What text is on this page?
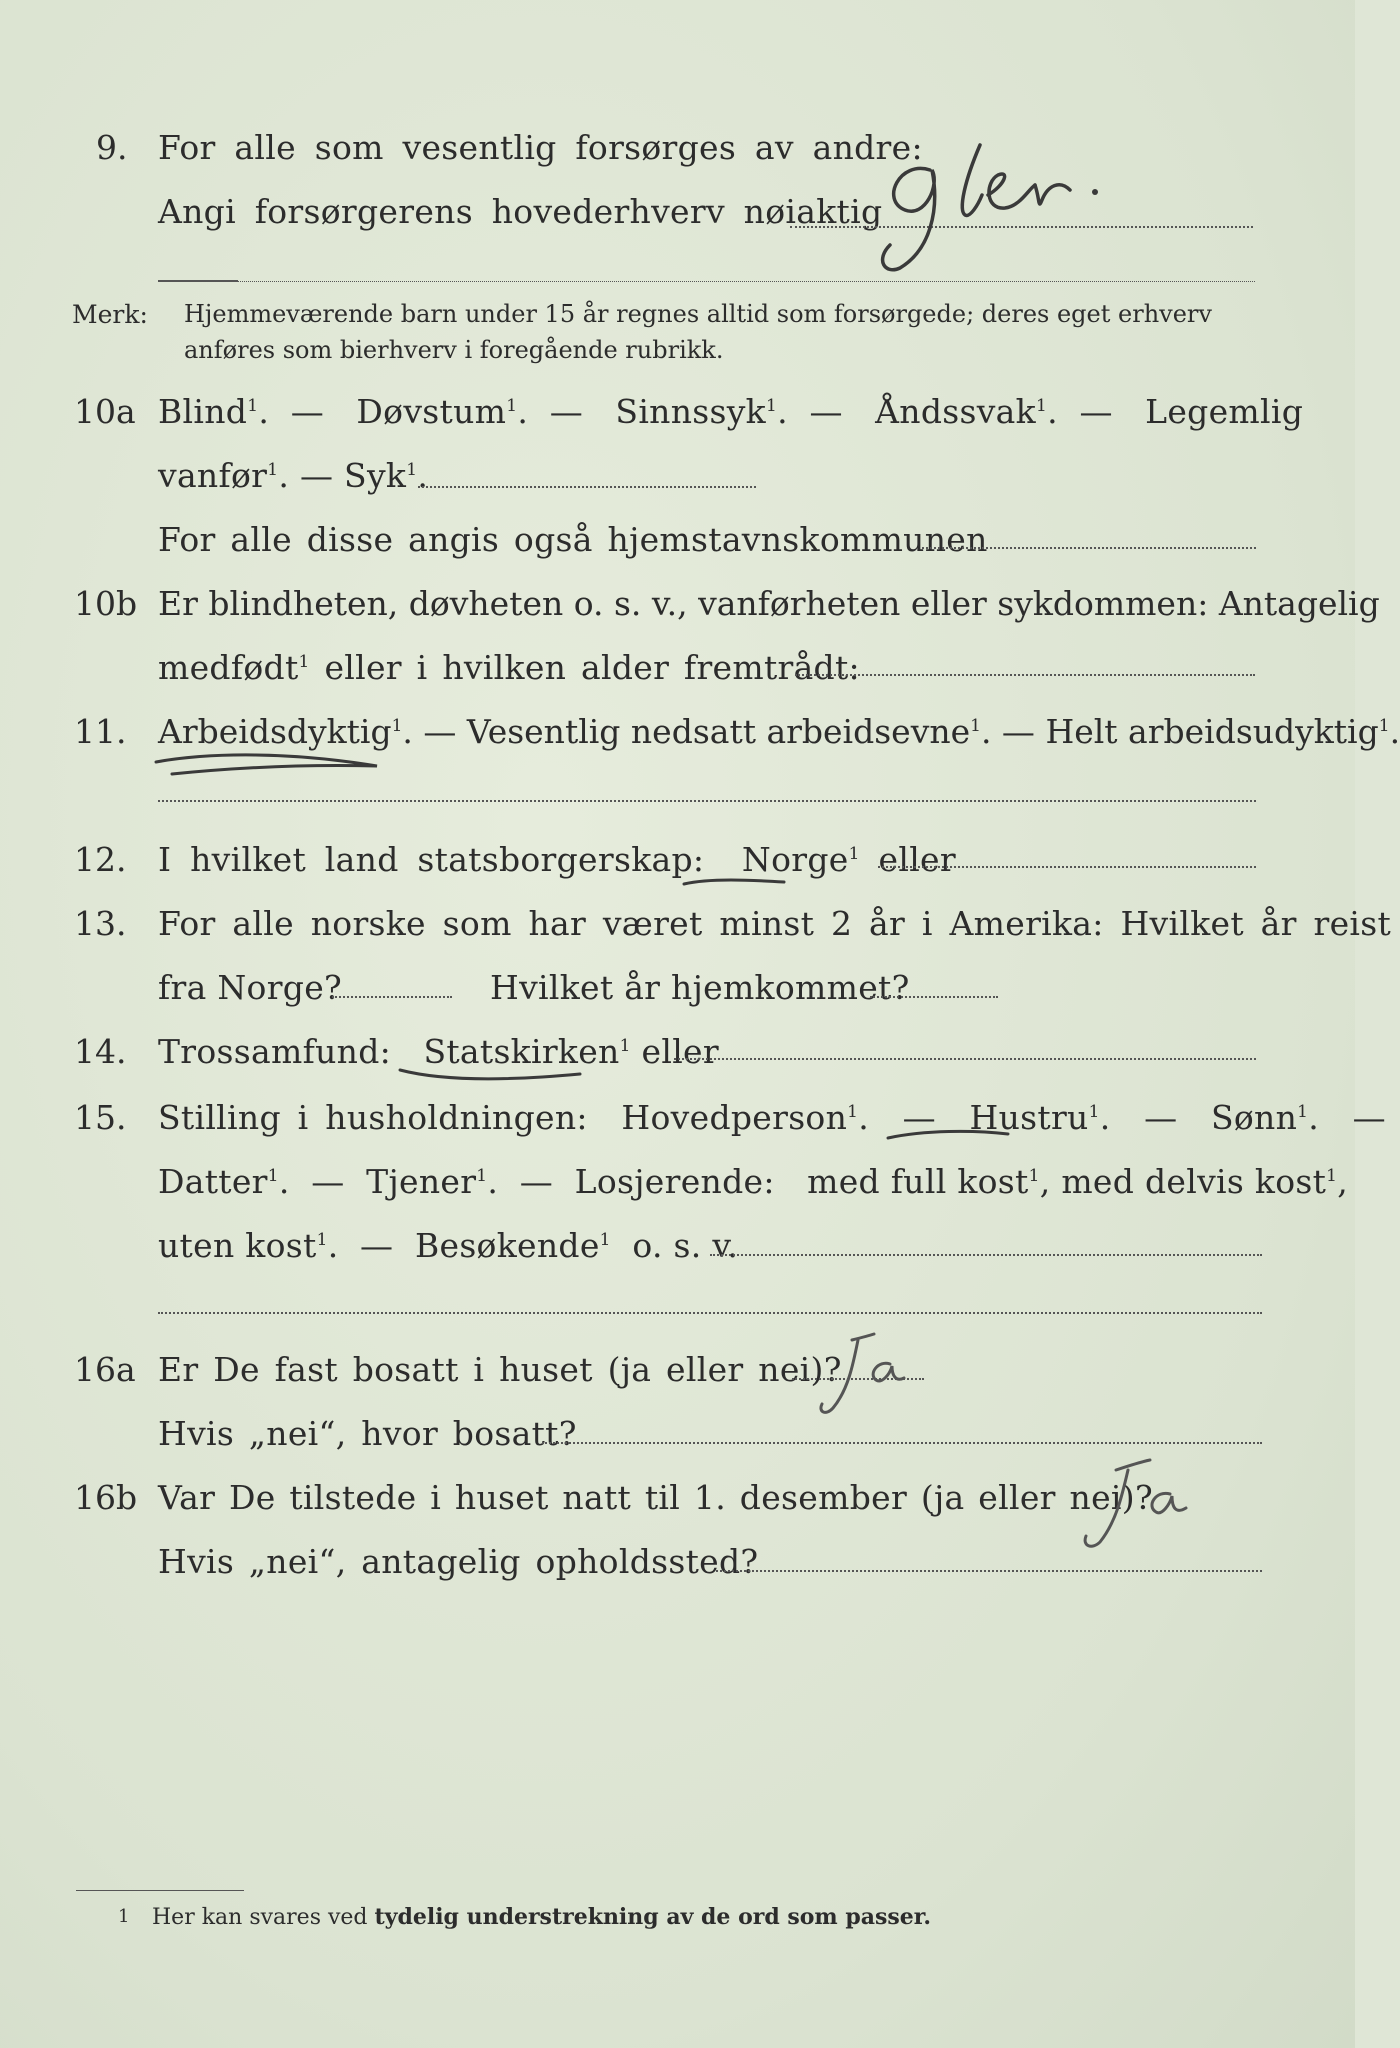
9. For alle som vesentlig forsørges av andre:
Angi forsørgerens hovederhverv nøiaktig
Merk: Hjemmeværende barn under 15 år regnes alltid som forsørgede; deres eget erhverv
anføres som bierhverv i foregående rubrikk.
10a Blind$^1$.  —   Døvstum$^1$.  —   Sinnssyk$^1$.  —   Åndssvak$^1$.  —   Legemlig
vanfør$^1$. — Syk$^1$.
For alle disse angis også hjemstavnskommunen
10b Er blindheten, døvheten o. s. v., vanførheten eller sykdommen: Antagelig
medfødt$^1$ eller i hvilken alder fremtrådt:
11. Arbeidsdyktig$^1$. — Vesentlig nedsatt arbeidsevne$^1$. — Helt arbeidsudyktig$^1$.
12. I hvilket land statsborgerskap: Norge$^1$ eller
13. For alle norske som har været minst 2 år i Amerika: Hvilket år reist
fra Norge?	Hvilket år hjemkommet?
14. Trossamfund: Statskirken$^1$ eller
15. Stilling i husholdningen: Hovedperson$^1$.  —  Hustru$^1$.  —  Sønn$^1$.  —
Datter$^1$.  —  Tjener$^1$.  —  Losjerende: med full kost$^1$, med delvis kost$^1$,
uten kost$^1$.  —  Besøkende$^1$ o. s. v.
16a Er De fast bosatt i huset (ja eller nei)?
Hvis „nei“, hvor bosatt?
16b Var De tilstede i huset natt til 1. desember (ja eller nei)?
Hvis „nei“, antagelig opholdssted?
1 Her kan svares ved tydelig understrekning av de ord som passer.
